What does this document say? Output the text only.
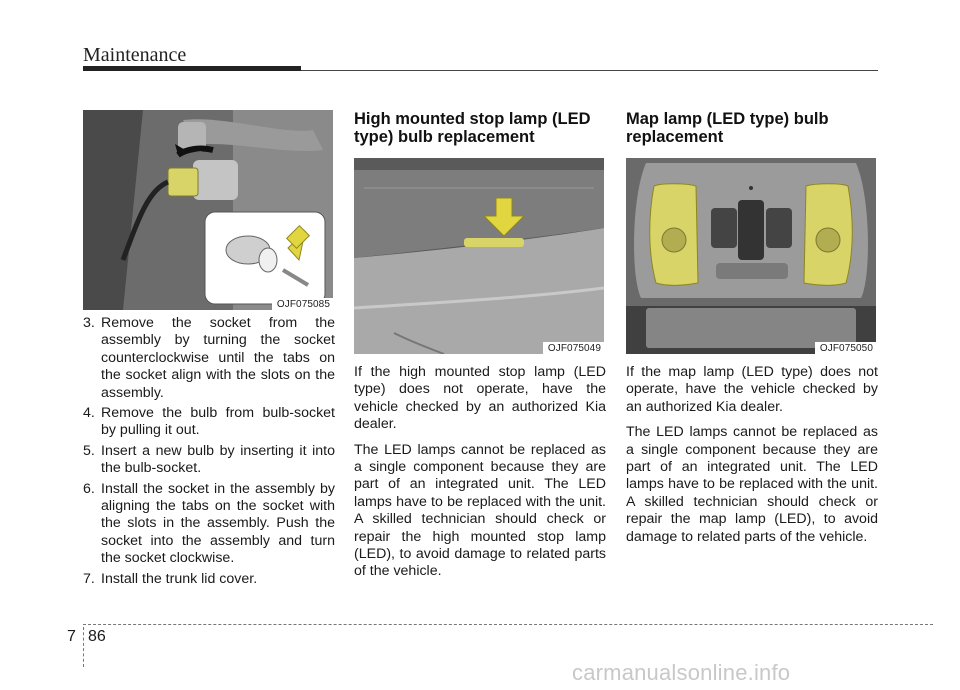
Maintenance
OJF075085
3. Remove the socket from the assembly by turning the socket counterclockwise until the tabs on the socket align with the slots on the assembly.
4. Remove the bulb from bulb-socket by pulling it out.
5. Insert a new bulb by inserting it into the bulb-socket.
6. Install the socket in the assembly by aligning the tabs on the socket with the slots in the assembly. Push the socket into the assembly and turn the socket clockwise.
7. Install the trunk lid cover.
High mounted stop lamp (LED type) bulb replacement
OJF075049

If the high mounted stop lamp (LED type) does not operate, have the vehicle checked by an authorized Kia dealer.

The LED lamps cannot be replaced as a single component because they are part of an integrated unit. The LED lamps have to be replaced with the unit. A skilled technician should check or repair the high mounted stop lamp (LED), to avoid damage to related parts of the vehicle.

Map lamp (LED type) bulb replacement
OJF075050

If the map lamp (LED type) does not operate, have the vehicle checked by an authorized Kia dealer.

The LED lamps cannot be replaced as a single component because they are part of an integrated unit. The LED lamps have to be replaced with the unit. A skilled technician should check or repair the map lamp (LED), to avoid damage to related parts of the vehicle.

7 86
carmanualsonline.info
